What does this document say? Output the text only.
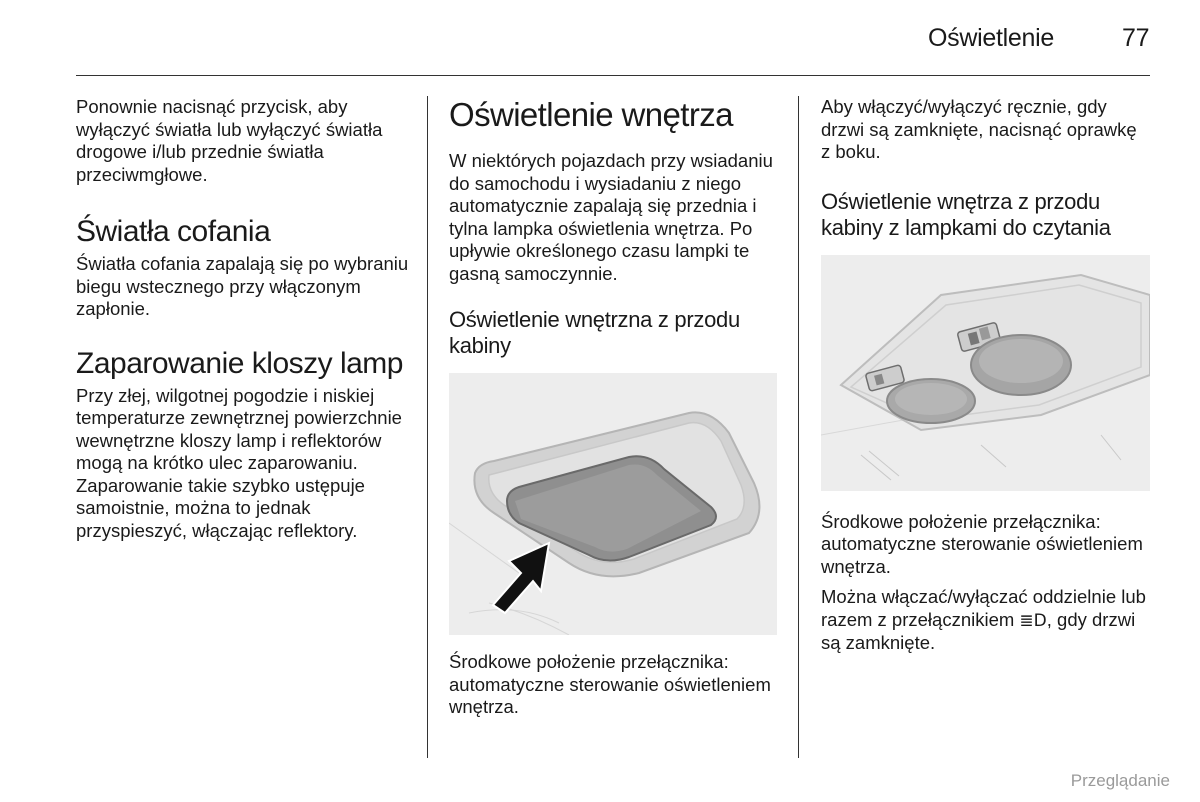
Oświetlenie	77

Ponownie nacisnąć przycisk, aby wyłączyć światła lub wyłączyć światła drogowe i/lub przednie światła przeciwmgłowe.

Światła cofania

Światła cofania zapalają się po wybraniu biegu wstecznego przy włączonym zapłonie.

Zaparowanie kloszy lamp

Przy złej, wilgotnej pogodzie i niskiej temperaturze zewnętrznej powierzchnie wewnętrzne kloszy lamp i reflektorów mogą na krótko ulec zaparowaniu. Zaparowanie takie szybko ustępuje samoistnie, można to jednak przyspieszyć, włączając reflektory.

Oświetlenie wnętrza

W niektórych pojazdach przy wsiadaniu do samochodu i wysiadaniu z niego automatycznie zapalają się przednia i tylna lampka oświetlenia wnętrza. Po upływie określonego czasu lampki te gasną samoczynnie.

Oświetlenie wnętrzna z przodu kabiny

Środkowe położenie przełącznika: automatyczne sterowanie oświetleniem wnętrza.

Aby włączyć/wyłączyć ręcznie, gdy drzwi są zamknięte, nacisnąć oprawkę z boku.

Oświetlenie wnętrza z przodu kabiny z lampkami do czytania

Środkowe położenie przełącznika: automatyczne sterowanie oświetleniem wnętrza.

Można włączać/wyłączać oddzielnie lub razem z przełącznikiem ≣D, gdy drzwi są zamknięte.

Przeglądanie
